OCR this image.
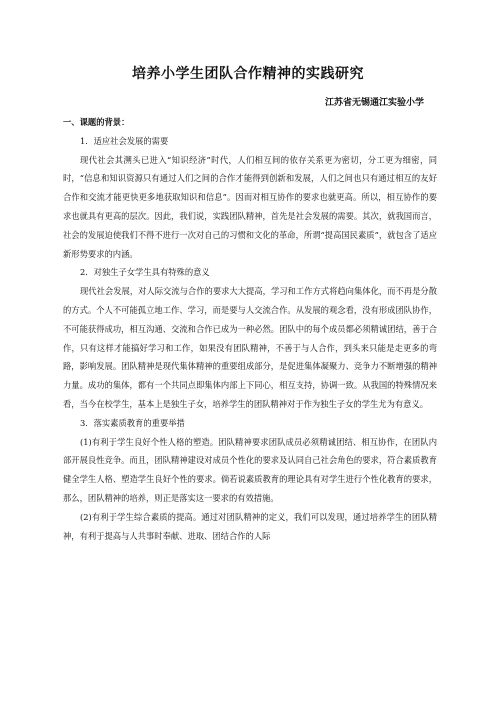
培养小学生团队合作精神的实践研究
江苏省无锡通江实验小学

一、课题的背景：

1．适应社会发展的需要

现代社会其溯头已进入“知识经济”时代，人们相互间的依存关系更为密切，分工更为细密，同时，“信息和知识资源只有通过人们之间的合作才能得到创新和发展，人们之间也只有通过相互的友好合作和交流才能更快更多地获取知识和信息”。因而对相互协作的要求也就更高。所以，相互协作的要求也就具有更高的层次。因此，我们说，实践团队精神，首先是社会发展的需要。其次，就我国而言，社会的发展迫使我们不得不进行一次对自己的习惯和文化的革命，所谓“提高国民素质”，就包含了适应新形势要求的内涵。

2．对独生子女学生具有特殊的意义

现代社会发展，对人际交流与合作的要求大大提高，学习和工作方式将趋向集体化，而不再是分散的方式。个人不可能孤立地工作、学习，而是要与人交流合作。从发展的观念看，没有形成团队协作，不可能获得成功，相互沟通、交流和合作已成为一种必然。团队中的每个成员都必须精诚团结，善于合作，只有这样才能搞好学习和工作，如果没有团队精神，不善于与人合作，到头来只能是走更多的弯路，影响发展。团队精神是现代集体精神的重要组成部分，是促进集体凝聚力、竞争力不断增强的精神力量。成功的集体，都有一个共同点即集体内部上下同心，相互支持，协调一致。从我国的特殊情况来看，当今在校学生，基本上是独生子女，培养学生的团队精神对于作为独生子女的学生尤为有意义。

3．落实素质教育的重要举措

(1)有利于学生良好个性人格的塑造。团队精神要求团队成员必须精诚团结、相互协作，在团队内部开展良性竞争。而且，团队精神建设对成员个性化的要求及认同自己社会角色的要求，符合素质教育健全学生人格、塑造学生良好个性的要求。倘若说素质教育的理论具有对学生进行个性化教育的要求，那么，团队精神的培养，则正是落实这一要求的有效措施。

(2)有利于学生综合素质的提高。通过对团队精神的定义，我们可以发现，通过培养学生的团队精神，有利于提高与人共事时奉献、进取、团结合作的人际
